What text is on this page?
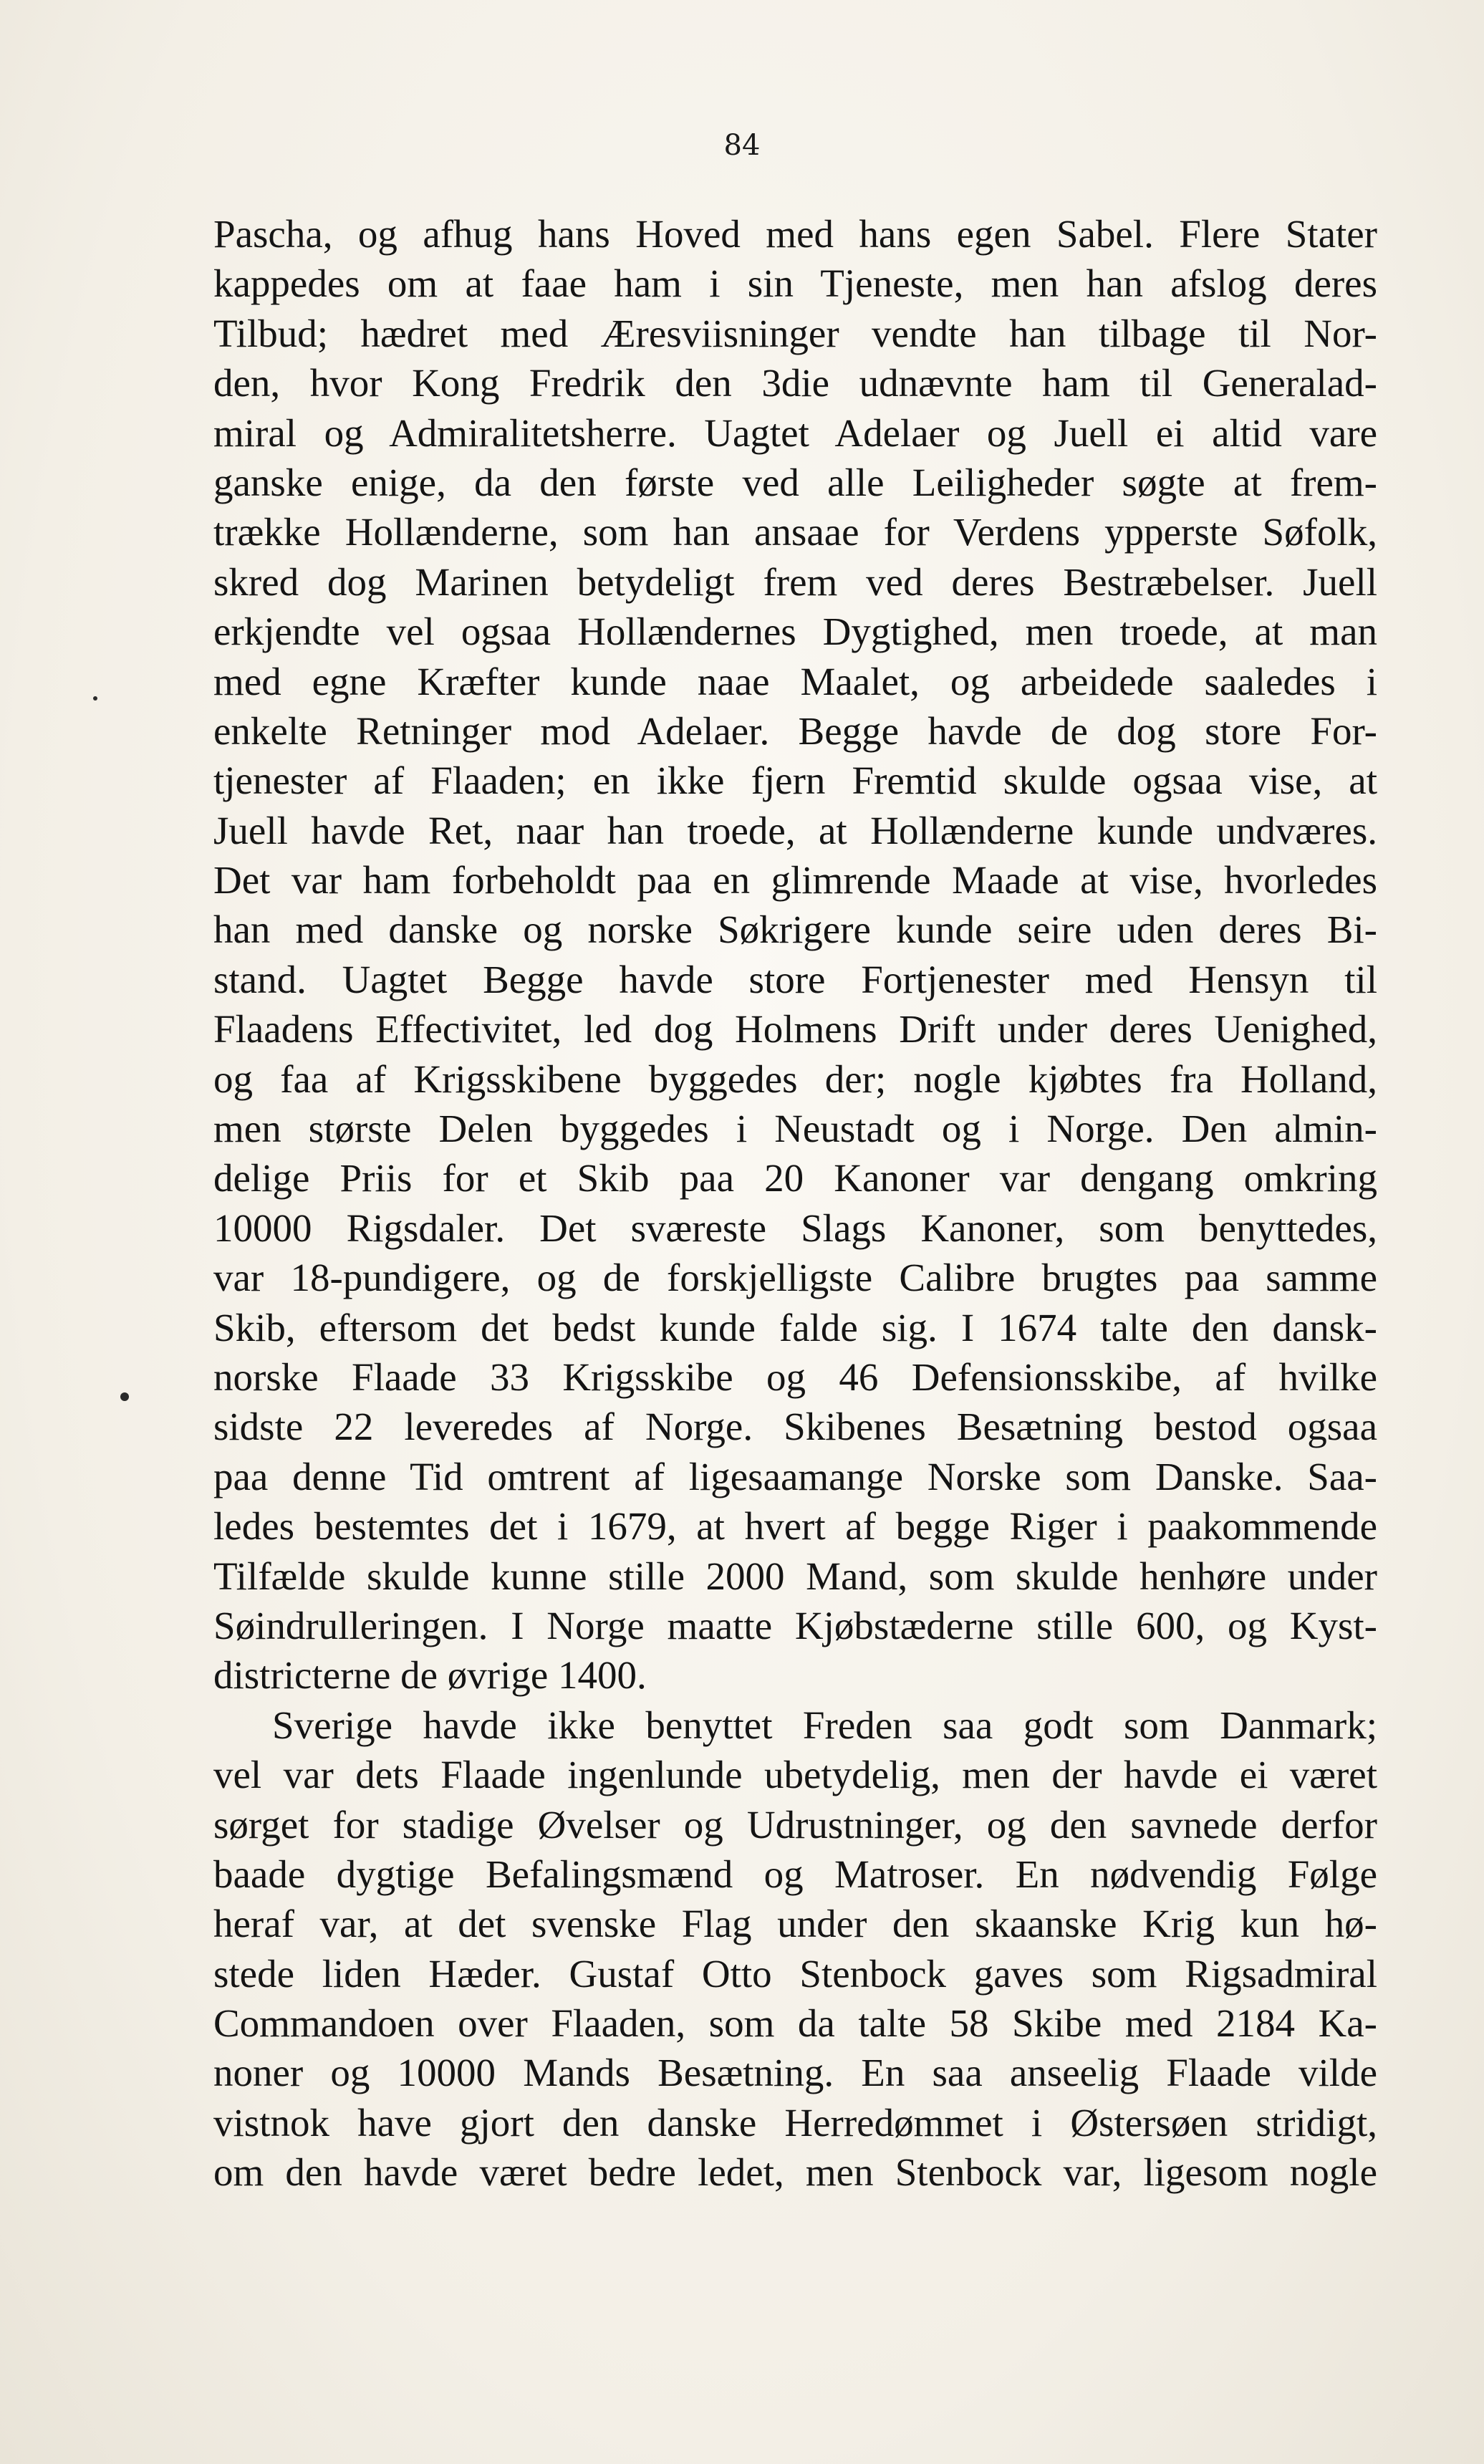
84
Pascha, og afhug hans Hoved med hans egen Sabel. Flere Stater
kappedes om at faae ham i sin Tjeneste, men han afslog deres
Tilbud; hædret med Æresviisninger vendte han tilbage til Nor-
den, hvor Kong Fredrik den 3die udnævnte ham til Generalad-
miral og Admiralitetsherre. Uagtet Adelaer og Juell ei altid vare
ganske enige, da den første ved alle Leiligheder søgte at frem-
trække Hollænderne, som han ansaae for Verdens ypperste Søfolk,
skred dog Marinen betydeligt frem ved deres Bestræbelser. Juell
erkjendte vel ogsaa Hollændernes Dygtighed, men troede, at man
med egne Kræfter kunde naae Maalet, og arbeidede saaledes i
enkelte Retninger mod Adelaer. Begge havde de dog store For-
tjenester af Flaaden; en ikke fjern Fremtid skulde ogsaa vise, at
Juell havde Ret, naar han troede, at Hollænderne kunde undværes.
Det var ham forbeholdt paa en glimrende Maade at vise, hvorledes
han med danske og norske Søkrigere kunde seire uden deres Bi-
stand. Uagtet Begge havde store Fortjenester med Hensyn til
Flaadens Effectivitet, led dog Holmens Drift under deres Uenighed,
og faa af Krigsskibene byggedes der; nogle kjøbtes fra Holland,
men største Delen byggedes i Neustadt og i Norge. Den almin-
delige Priis for et Skib paa 20 Kanoner var dengang omkring
10000 Rigsdaler. Det sværeste Slags Kanoner, som benyttedes,
var 18-pundigere, og de forskjelligste Calibre brugtes paa samme
Skib, eftersom det bedst kunde falde sig. I 1674 talte den dansk-
norske Flaade 33 Krigsskibe og 46 Defensionsskibe, af hvilke
sidste 22 leveredes af Norge. Skibenes Besætning bestod ogsaa
paa denne Tid omtrent af ligesaamange Norske som Danske. Saa-
ledes bestemtes det i 1679, at hvert af begge Riger i paakommende
Tilfælde skulde kunne stille 2000 Mand, som skulde henhøre under
Søindrulleringen. I Norge maatte Kjøbstæderne stille 600, og Kyst-
districterne de øvrige 1400.
Sverige havde ikke benyttet Freden saa godt som Danmark;
vel var dets Flaade ingenlunde ubetydelig, men der havde ei været
sørget for stadige Øvelser og Udrustninger, og den savnede derfor
baade dygtige Befalingsmænd og Matroser. En nødvendig Følge
heraf var, at det svenske Flag under den skaanske Krig kun hø-
stede liden Hæder. Gustaf Otto Stenbock gaves som Rigsadmiral
Commandoen over Flaaden, som da talte 58 Skibe med 2184 Ka-
noner og 10000 Mands Besætning. En saa anseelig Flaade vilde
vistnok have gjort den danske Herredømmet i Østersøen stridigt,
om den havde været bedre ledet, men Stenbock var, ligesom nogle
